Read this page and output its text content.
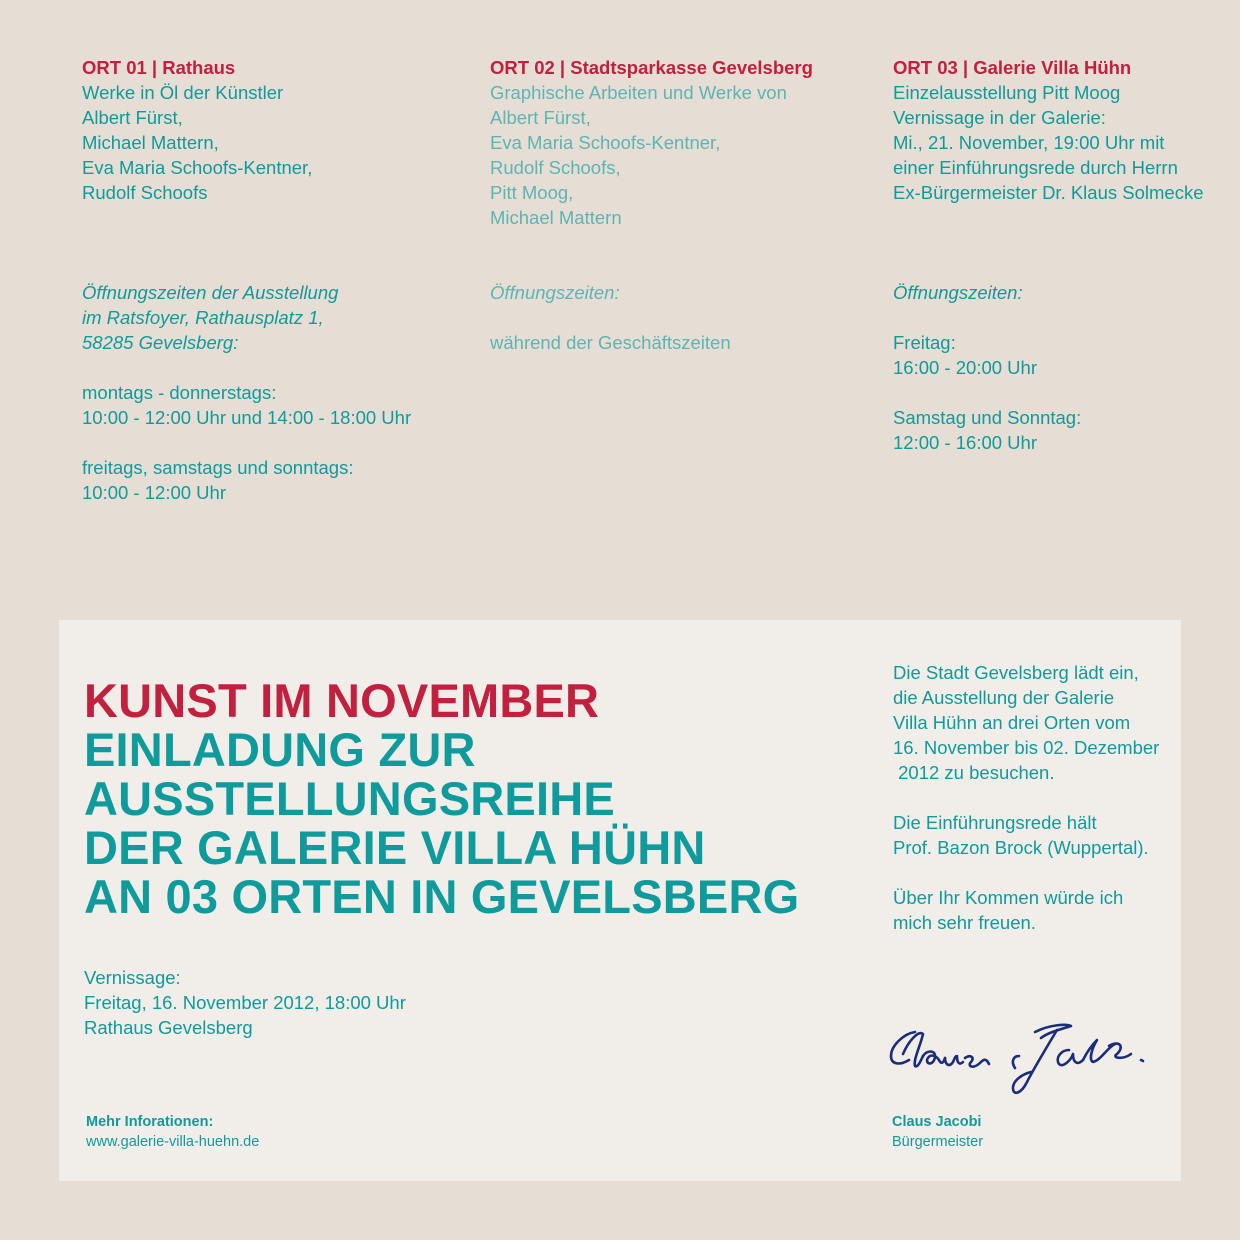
ORT 01 | Rathaus
Werke in Öl der Künstler
Albert Fürst,
Michael Mattern,
Eva Maria Schoofs-Kentner,
Rudolf Schoofs
Öffnungszeiten der Ausstellung
im Ratsfoyer, Rathausplatz 1,
58285 Gevelsberg:
montags - donnerstags:
10:00 - 12:00 Uhr und 14:00 - 18:00 Uhr
freitags, samstags und sonntags:
10:00 - 12:00 Uhr
ORT 02 | Stadtsparkasse Gevelsberg
Graphische Arbeiten und Werke von
Albert Fürst,
Eva Maria Schoofs-Kentner,
Rudolf Schoofs,
Pitt Moog,
Michael Mattern
Öffnungszeiten:
während der Geschäftszeiten
ORT 03 | Galerie Villa Hühn
Einzelausstellung Pitt Moog
Vernissage in der Galerie:
Mi., 21. November, 19:00 Uhr mit
einer Einführungsrede durch Herrn
Ex-Bürgermeister Dr. Klaus Solmecke
Öffnungszeiten:
Freitag:
16:00 - 20:00 Uhr
Samstag und Sonntag:
12:00 - 16:00 Uhr
KUNST IM NOVEMBER
EINLADUNG ZUR
AUSSTELLUNGSREIHE
DER GALERIE VILLA HÜHN
AN 03 ORTEN IN GEVELSBERG
Vernissage:
Freitag, 16. November 2012, 18:00 Uhr
Rathaus Gevelsberg
Mehr Inforationen:
www.galerie-villa-huehn.de
Die Stadt Gevelsberg lädt ein,
die Ausstellung der Galerie
Villa Hühn an drei Orten vom
16. November bis 02. Dezember
2012 zu besuchen.
Die Einführungsrede hält
Prof. Bazon Brock (Wuppertal).
Über Ihr Kommen würde ich
mich sehr freuen.
Claus Jacobi
Bürgermeister
